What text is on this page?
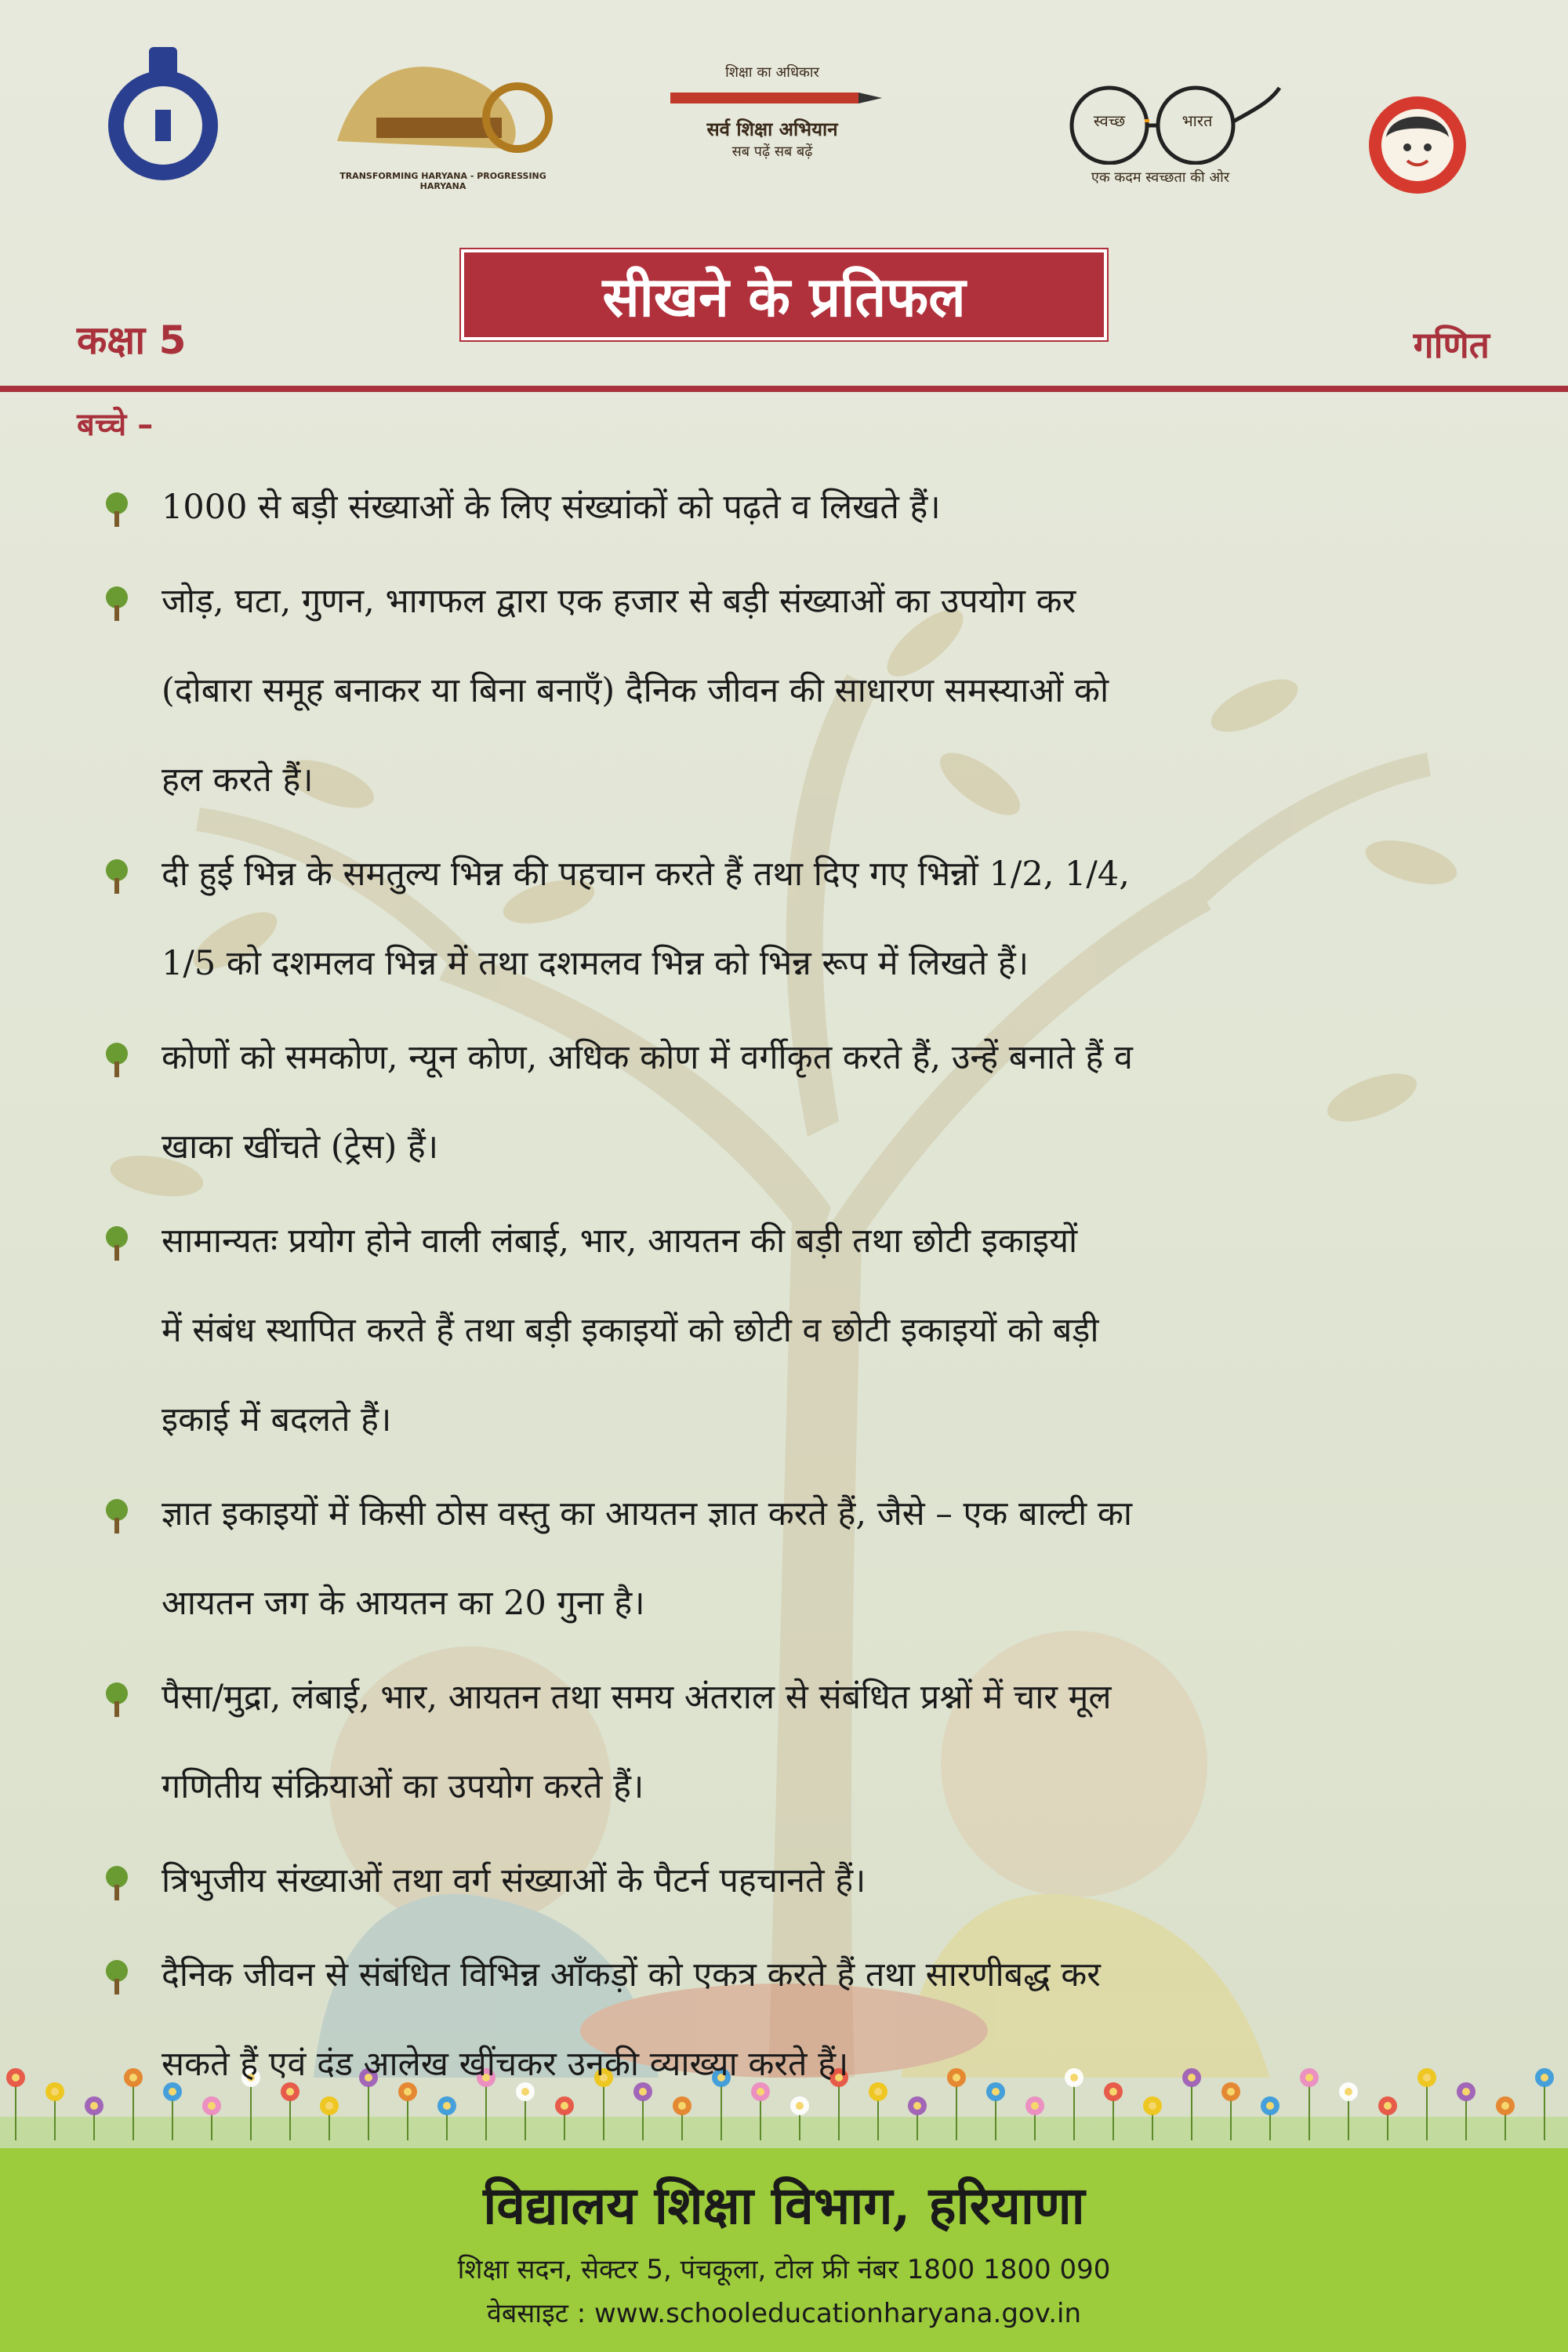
TRANSFORMING HARYANA - PROGRESSING HARYANA
शिक्षा का अधिकार
सर्व शिक्षा अभियान
सब पढ़ें सब बढ़ें
स्वच्छ	भारत
एक कदम स्वच्छता की ओर
सीखने के प्रतिफल
कक्षा 5	गणित
बच्चे –
1000 से बड़ी संख्याओं के लिए संख्यांकों को पढ़ते व लिखते हैं।
जोड़, घटा, गुणन, भागफल द्वारा एक हजार से बड़ी संख्याओं का उपयोग कर
(दोबारा समूह बनाकर या बिना बनाएँ) दैनिक जीवन की साधारण समस्याओं को
हल करते हैं।
दी हुई भिन्न के समतुल्य भिन्न की पहचान करते हैं तथा दिए गए भिन्नों 1/2, 1/4,
1/5 को दशमलव भिन्न में तथा दशमलव भिन्न को भिन्न रूप में लिखते हैं।
कोणों को समकोण, न्यून कोण, अधिक कोण में वर्गीकृत करते हैं, उन्हें बनाते हैं व
खाका खींचते (ट्रेस) हैं।
सामान्यतः प्रयोग होने वाली लंबाई, भार, आयतन की बड़ी तथा छोटी इकाइयों
में संबंध स्थापित करते हैं तथा बड़ी इकाइयों को छोटी व छोटी इकाइयों को बड़ी
इकाई में बदलते हैं।
ज्ञात इकाइयों में किसी ठोस वस्तु का आयतन ज्ञात करते हैं, जैसे – एक बाल्टी का
आयतन जग के आयतन का 20 गुना है।
पैसा/मुद्रा, लंबाई, भार, आयतन तथा समय अंतराल से संबंधित प्रश्नों में चार मूल
गणितीय संक्रियाओं का उपयोग करते हैं।
त्रिभुजीय संख्याओं तथा वर्ग संख्याओं के पैटर्न पहचानते हैं।
दैनिक जीवन से संबंधित विभिन्न आँकड़ों को एकत्र करते हैं तथा सारणीबद्ध कर
सकते हैं एवं दंड आलेख खींचकर उनकी व्याख्या करते हैं।
विद्यालय शिक्षा विभाग, हरियाणा
शिक्षा सदन, सेक्टर 5, पंचकूला, टोल फ्री नंबर 1800 1800 090
वेबसाइट : www.schooleducationharyana.gov.in
